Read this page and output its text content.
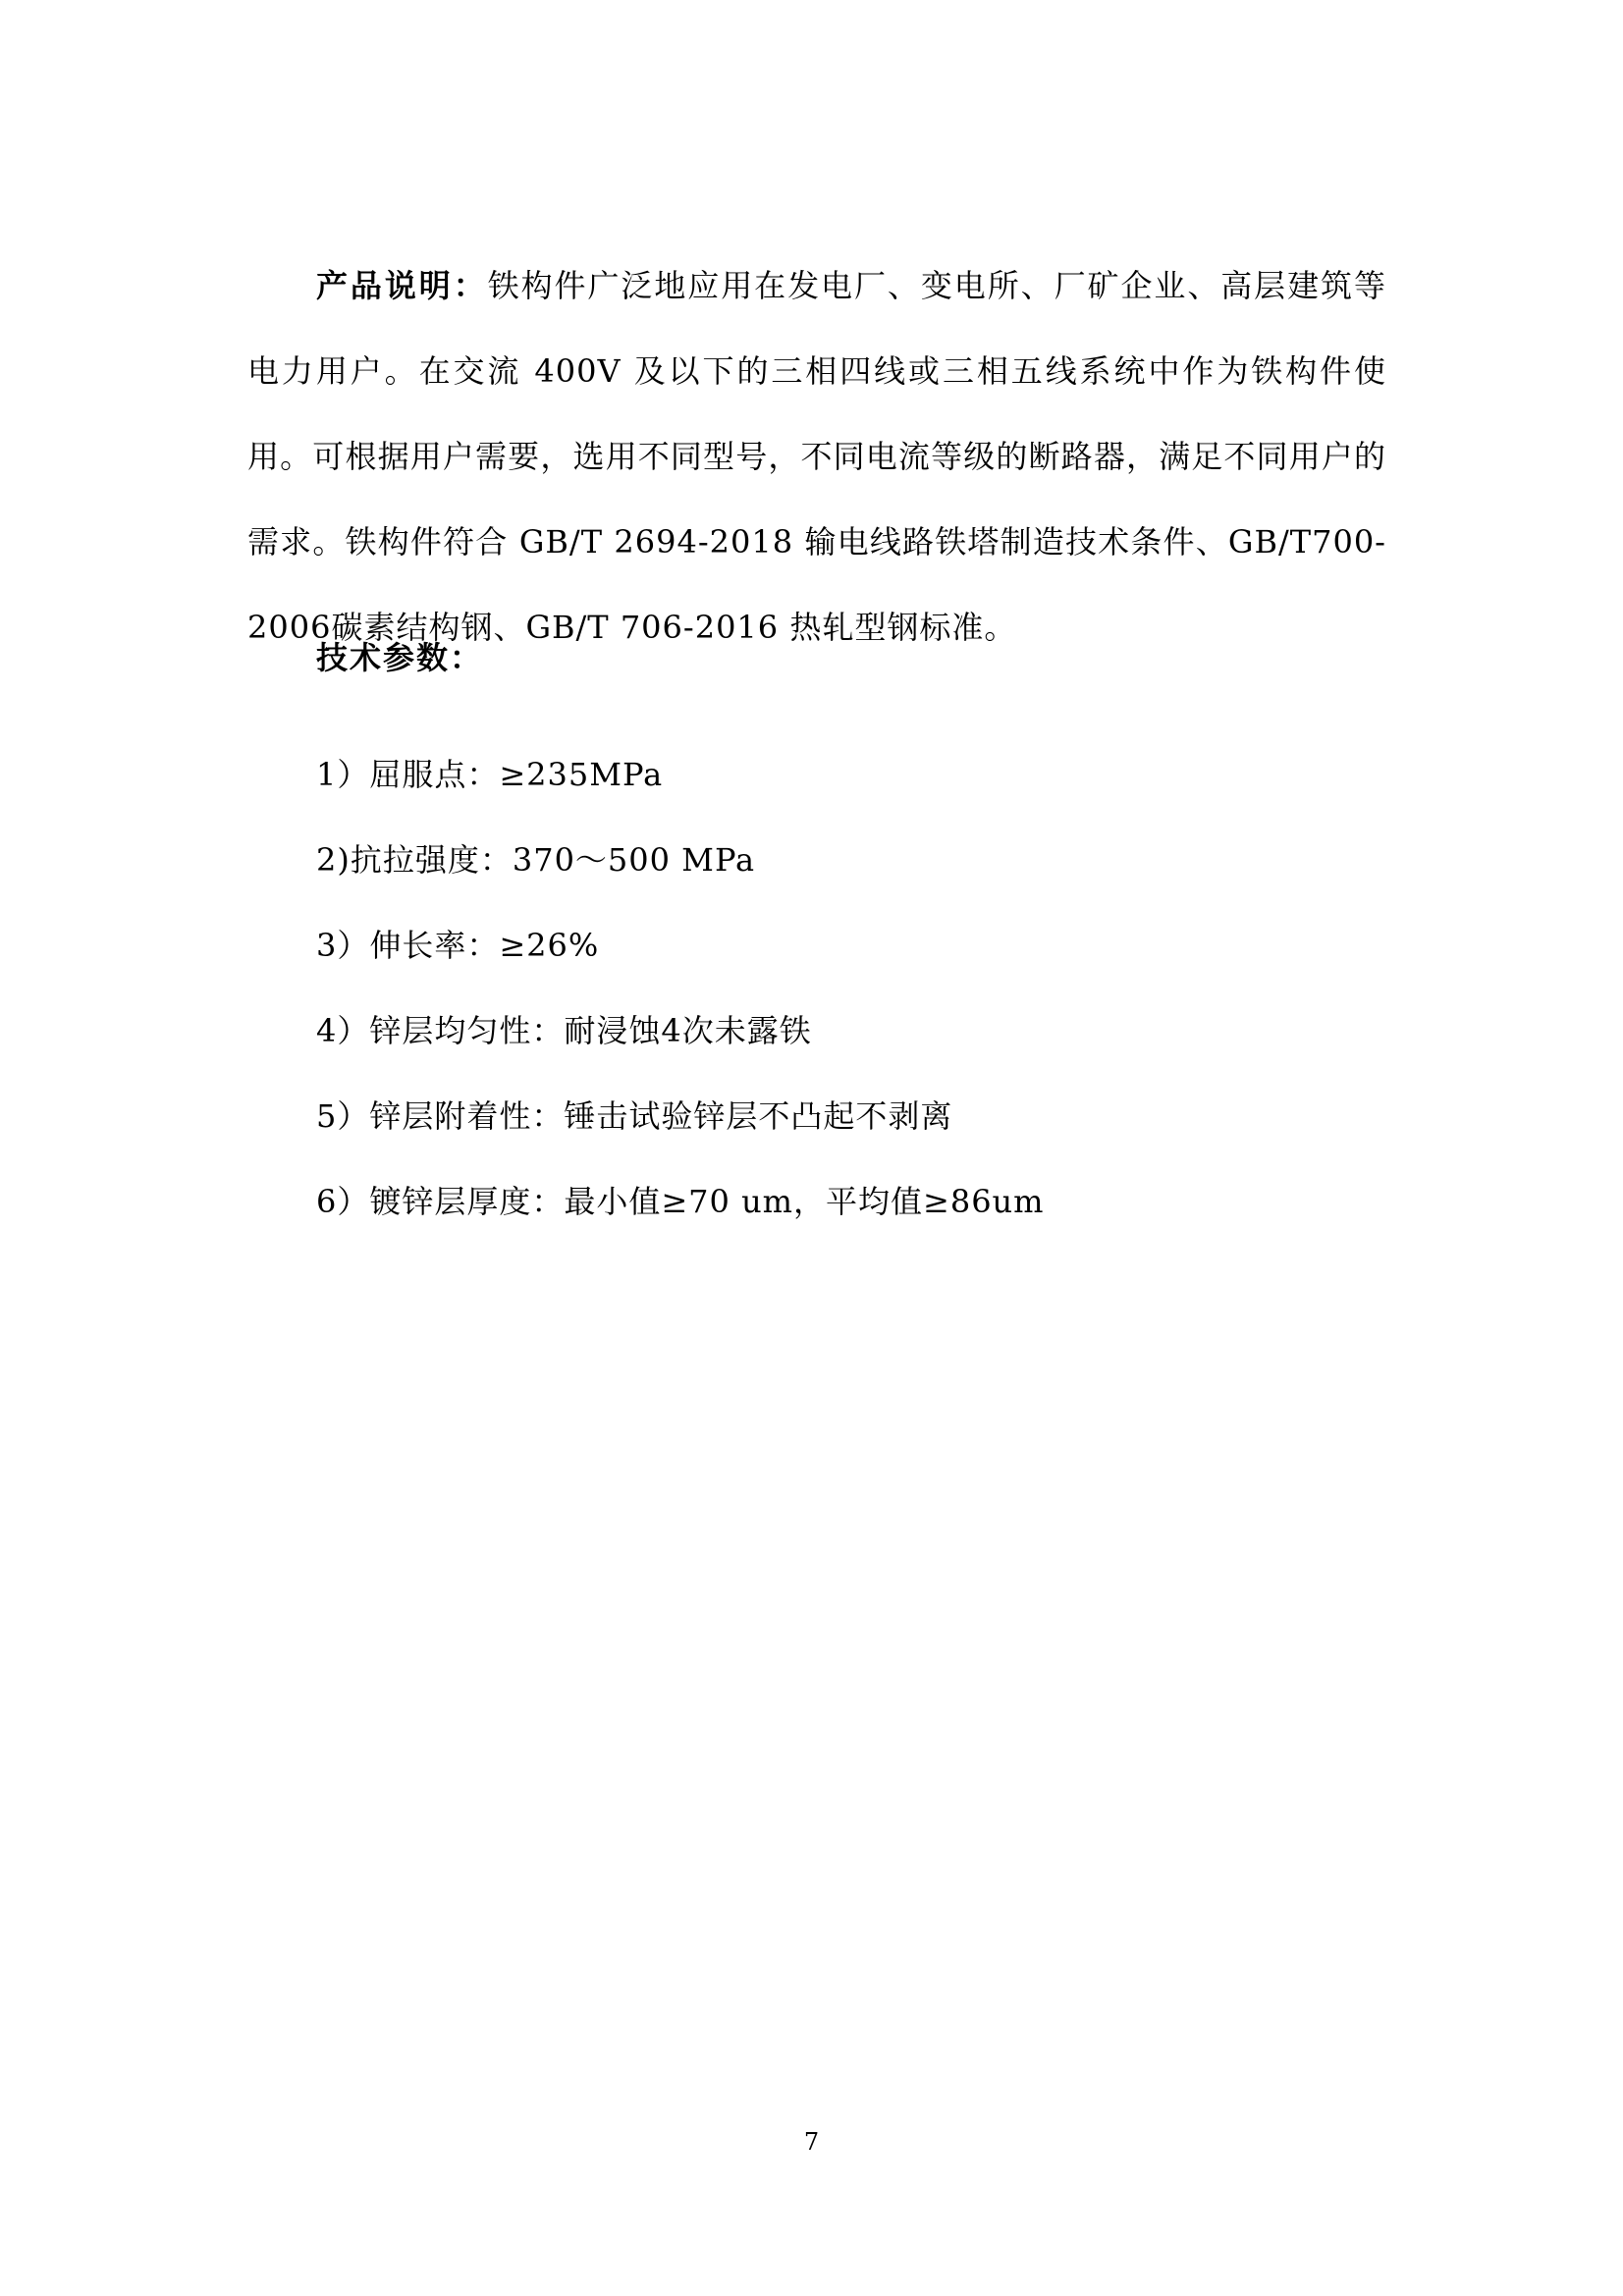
产品说明：铁构件广泛地应用在发电厂、变电所、厂矿企业、高层建筑等电力用户。在交流 400V 及以下的三相四线或三相五线系统中作为铁构件使用。可根据用户需要，选用不同型号，不同电流等级的断路器，满足不同用户的需求。铁构件符合 GB/T 2694-2018 输电线路铁塔制造技术条件、GB/T700-2006碳素结构钢、GB/T 706-2016 热轧型钢标准。

技术参数：
1）屈服点：≥235MPa
2)抗拉强度：370～500 MPa
3）伸长率：≥26%
4）锌层均匀性：耐浸蚀4次未露铁
5）锌层附着性：锤击试验锌层不凸起不剥离
6）镀锌层厚度：最小值≥70 um，平均值≥86um
7
